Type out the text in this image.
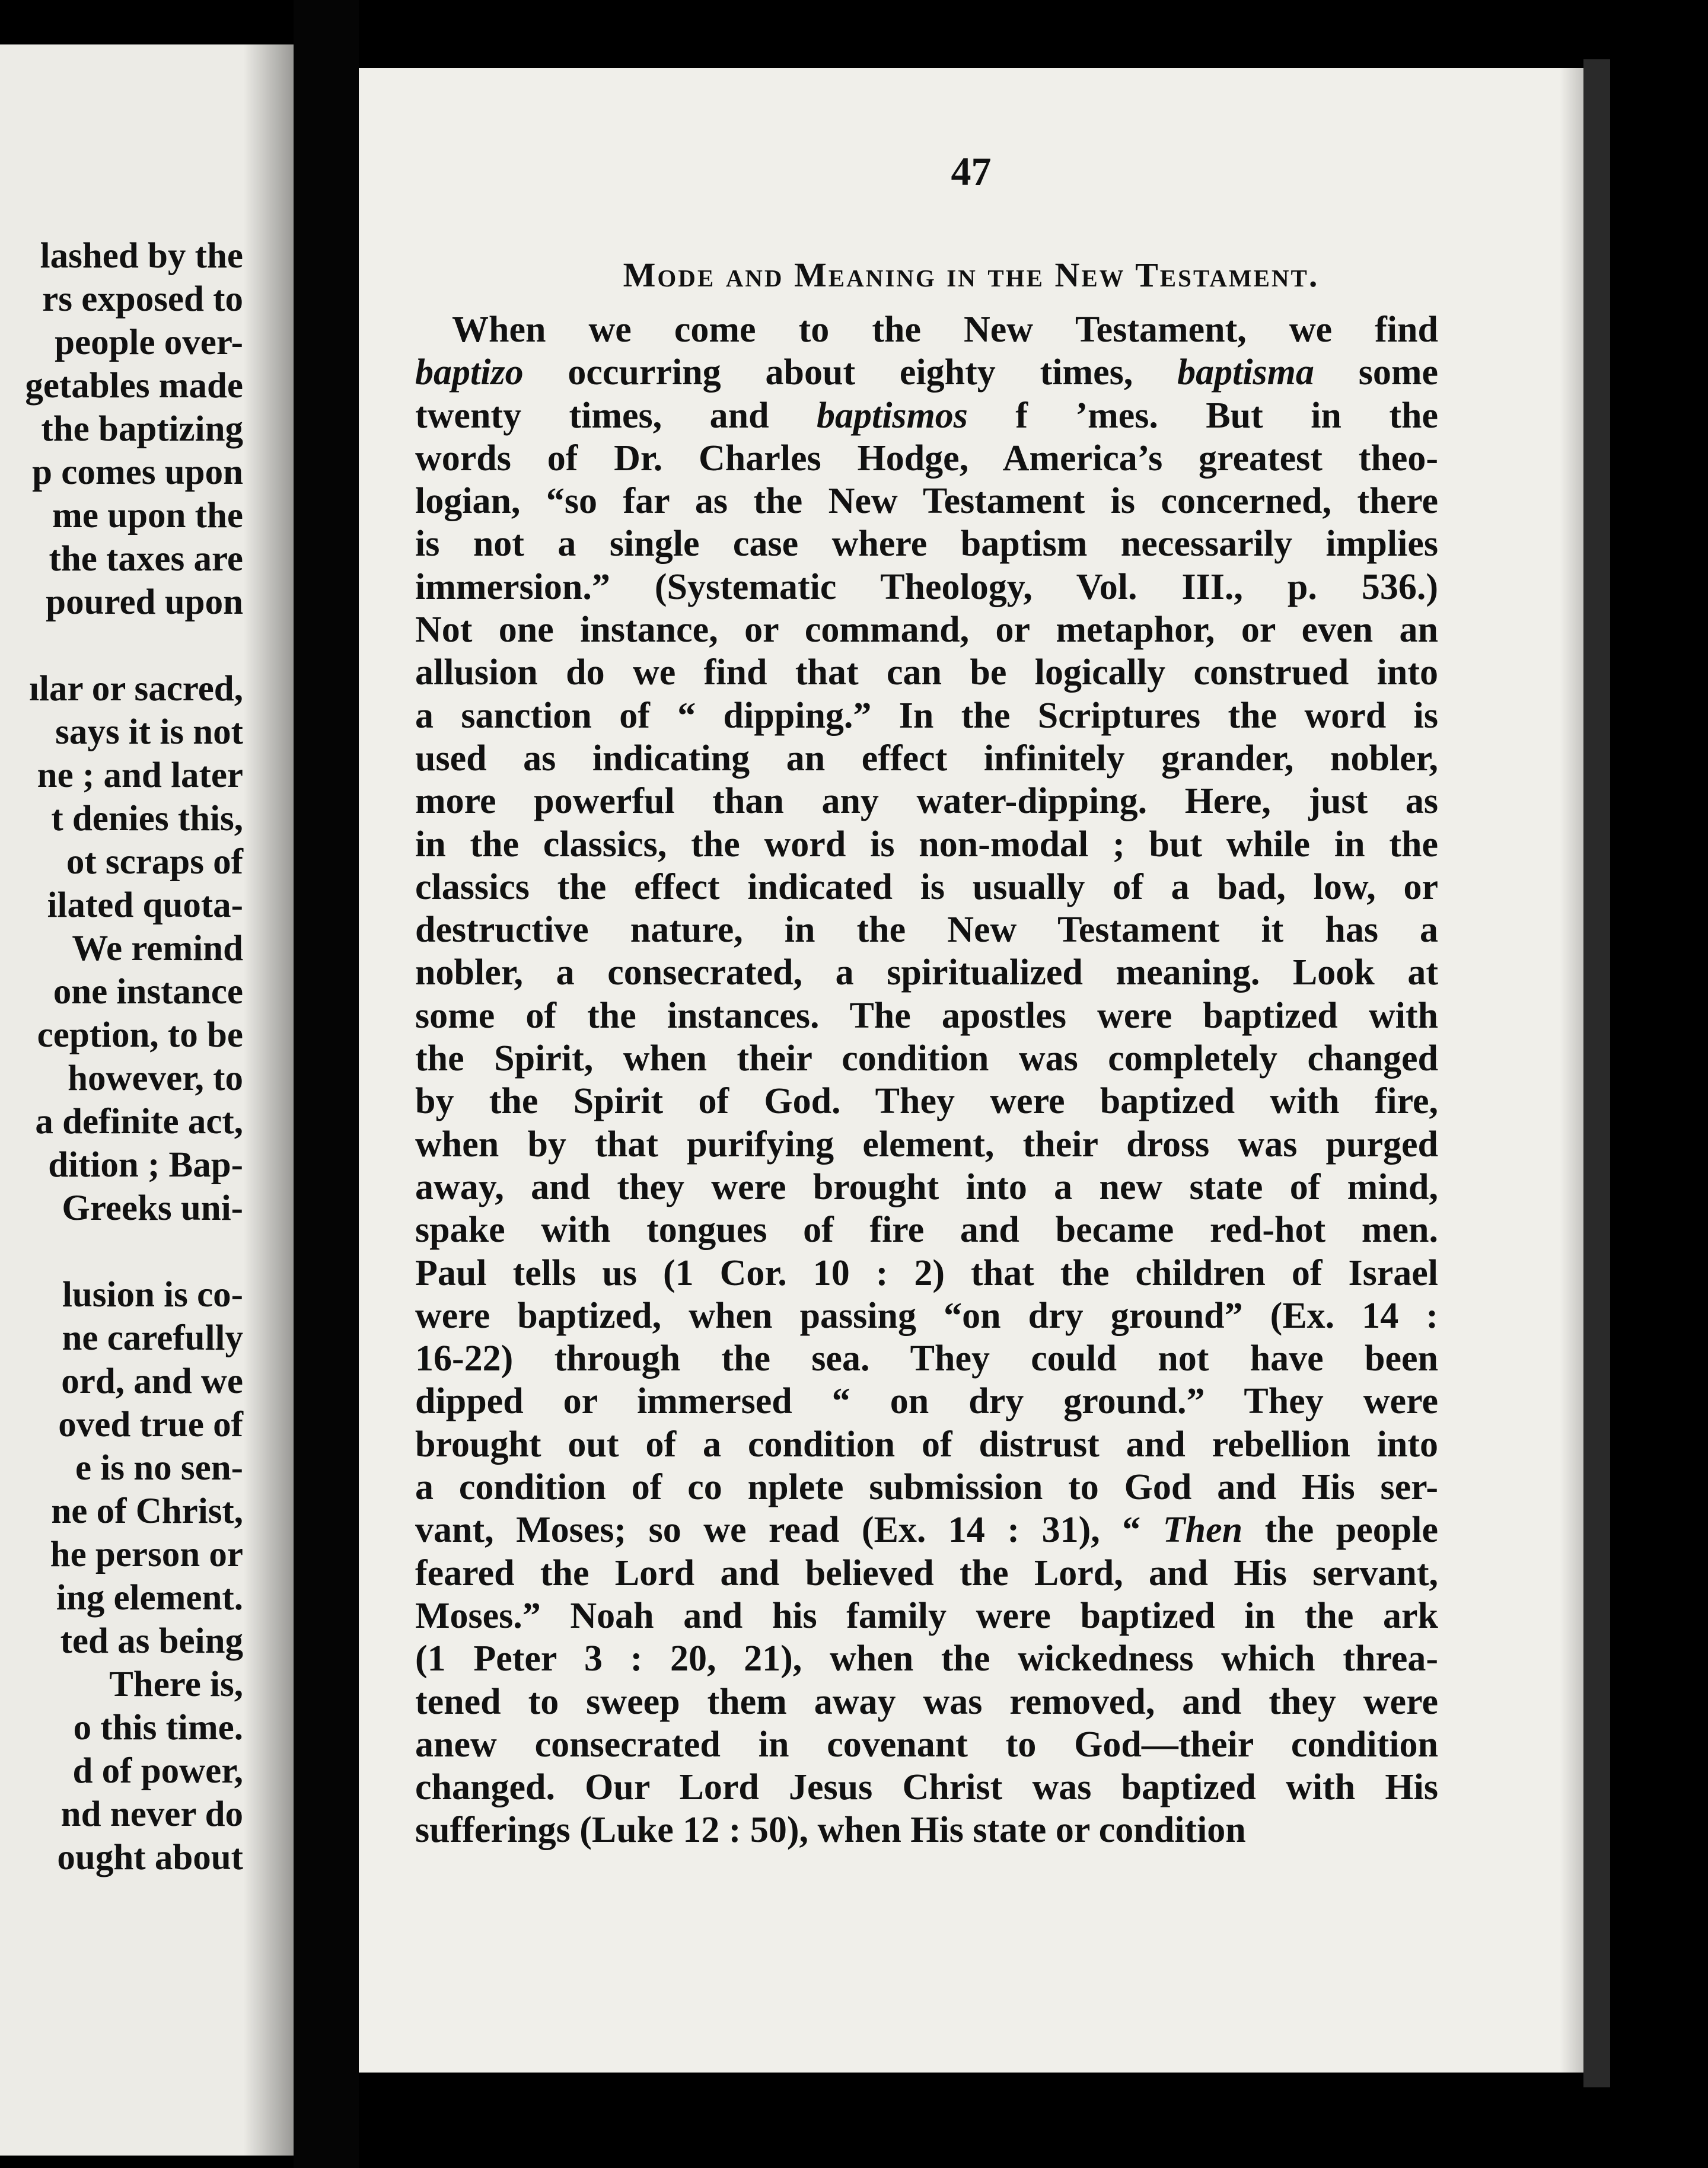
lashed by the
rs exposed to
people over-
getables made
the baptizing
p comes upon
me upon the
the taxes are
poured upon
ılar or sacred,
says it is not
ne ; and later
t denies this,
ot scraps of
ilated quota-
We remind
one instance
ception, to be
however, to
a definite act,
dition ; Bap-
Greeks uni-
lusion is co-
ne carefully
ord, and we
oved true of
e is no sen-
ne of Christ,
he person or
ing element.
ted as being
There is,
o this time.
d of power,
nd never do
ought about
47
Mode and Meaning in the New Testament.
When we come to the New Testament, we find
baptizo occurring about eighty times, baptisma some
twenty times, and baptismos f ’mes. But in the
words of Dr. Charles Hodge, America’s greatest theo-
logian, “so far as the New Testament is concerned, there
is not a single case where baptism necessarily implies
immersion.” (Systematic Theology, Vol. III., p. 536.)
Not one instance, or command, or metaphor, or even an
allusion do we find that can be logically construed into
a sanction of “ dipping.” In the Scriptures the word is
used as indicating an effect infinitely grander, nobler,
more powerful than any water-dipping. Here, just as
in the classics, the word is non-modal ; but while in the
classics the effect indicated is usually of a bad, low, or
destructive nature, in the New Testament it has a
nobler, a consecrated, a spiritualized meaning. Look at
some of the instances. The apostles were baptized with
the Spirit, when their condition was completely changed
by the Spirit of God. They were baptized with fire,
when by that purifying element, their dross was purged
away, and they were brought into a new state of mind,
spake with tongues of fire and became red-hot men.
Paul tells us (1 Cor. 10 : 2) that the children of Israel
were baptized, when passing “on dry ground” (Ex. 14 :
16-22) through the sea. They could not have been
dipped or immersed “ on dry ground.” They were
brought out of a condition of distrust and rebellion into
a condition of co nplete submission to God and His ser-
vant, Moses; so we read (Ex. 14 : 31), “ Then the people
feared the Lord and believed the Lord, and His servant,
Moses.” Noah and his family were baptized in the ark
(1 Peter 3 : 20, 21), when the wickedness which threa-
tened to sweep them away was removed, and they were
anew consecrated in covenant to God—their condition
changed. Our Lord Jesus Christ was baptized with His
sufferings (Luke 12 : 50), when His state or condition
